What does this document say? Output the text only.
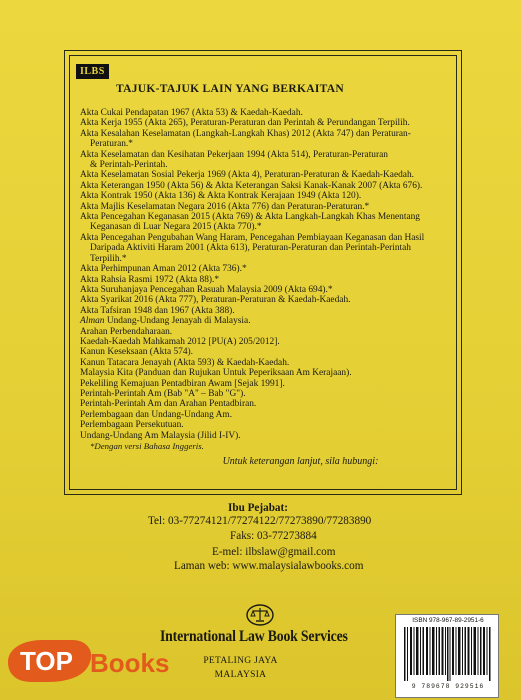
ILBS
TAJUK-TAJUK LAIN YANG BERKAITAN
Akta Cukai Pendapatan 1967 (Akta 53) & Kaedah-Kaedah.
Akta Kerja 1955 (Akta 265), Peraturan-Peraturan dan Perintah & Perundangan Terpilih.
Akta Kesalahan Keselamatan (Langkah-Langkah Khas) 2012 (Akta 747) dan Peraturan-
Peraturan.*
Akta Keselamatan dan Kesihatan Pekerjaan 1994 (Akta 514), Peraturan-Peraturan
& Perintah-Perintah.
Akta Keselamatan Sosial Pekerja 1969 (Akta 4), Peraturan-Peraturan & Kaedah-Kaedah.
Akta Keterangan 1950 (Akta 56) & Akta Keterangan Saksi Kanak-Kanak 2007 (Akta 676).
Akta Kontrak 1950 (Akta 136) & Akta Kontrak Kerajaan 1949 (Akta 120).
Akta Majlis Keselamatan Negara 2016 (Akta 776) dan Peraturan-Peraturan.*
Akta Pencegahan Keganasan 2015 (Akta 769) & Akta Langkah-Langkah Khas Menentang
Keganasan di Luar Negara 2015 (Akta 770).*
Akta Pencegahan Pengubahan Wang Haram, Pencegahan Pembiayaan Keganasan dan Hasil
Daripada Aktiviti Haram 2001 (Akta 613), Peraturan-Peraturan dan Perintah-Perintah
Terpilih.*
Akta Perhimpunan Aman 2012 (Akta 736).*
Akta Rahsia Rasmi 1972 (Akta 88).*
Akta Suruhanjaya Pencegahan Rasuah Malaysia 2009 (Akta 694).*
Akta Syarikat 2016 (Akta 777), Peraturan-Peraturan & Kaedah-Kaedah.
Akta Tafsiran 1948 dan 1967 (Akta 388).
Alman Undang-Undang Jenayah di Malaysia.
Arahan Perbendaharaan.
Kaedah-Kaedah Mahkamah 2012 [PU(A) 205/2012].
Kanun Keseksaan (Akta 574).
Kanun Tatacara Jenayah (Akta 593) & Kaedah-Kaedah.
Malaysia Kita (Panduan dan Rujukan Untuk Peperiksaan Am Kerajaan).
Pekeliling Kemajuan Pentadbiran Awam [Sejak 1991].
Perintah-Perintah Am (Bab "A" – Bab "G").
Perintah-Perintah Am dan Arahan Pentadbiran.
Perlembagaan dan Undang-Undang Am.
Perlembagaan Persekutuan.
Undang-Undang Am Malaysia (Jilid I-IV).
*Dengan versi Bahasa Inggeris.
Untuk keterangan lanjut, sila hubungi:
Ibu Pejabat:
Tel: 03-77274121/77274122/77273890/77283890
Faks: 03-77273884
E-mel: ilbslaw@gmail.com
Laman web: www.malaysialawbooks.com
International Law Book Services
PETALING JAYA
MALAYSIA
ISBN 978-967-89-2951-6
9 789678 929516
TOP Books
